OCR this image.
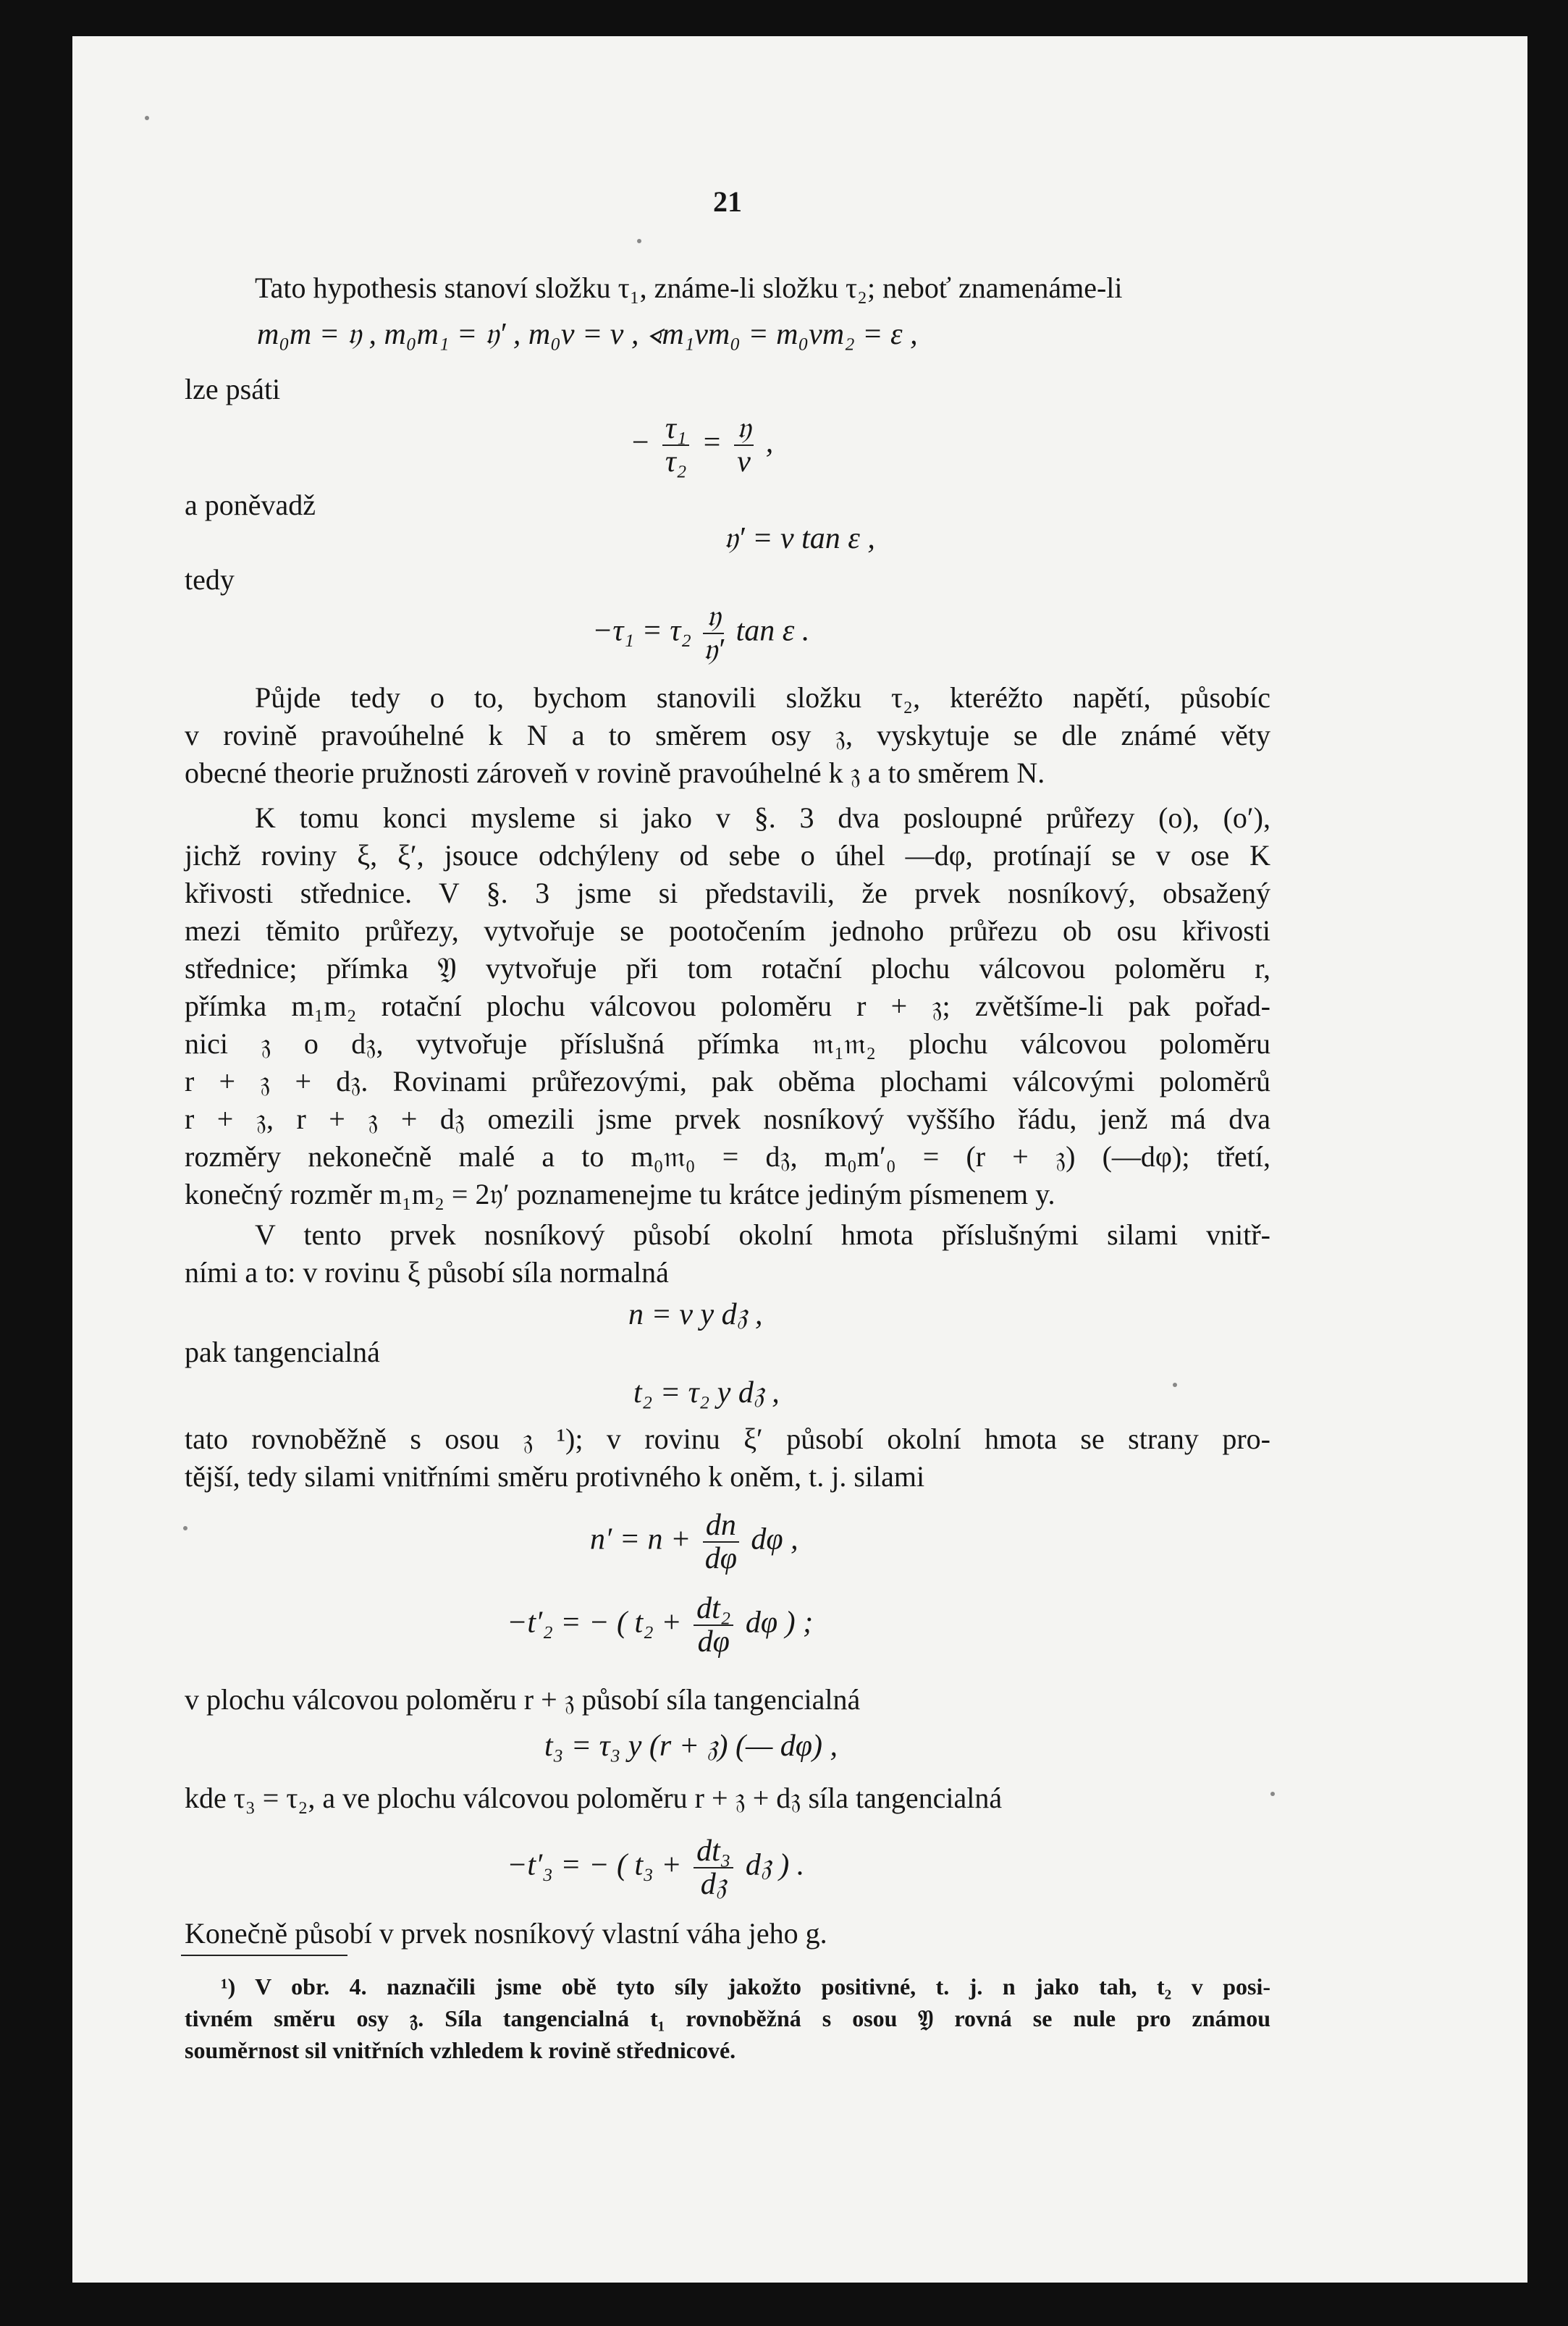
21
Tato hypothesis stanoví složku τ₁, známe-li složku τ₂; neboť znamenáme-li
m₀m = 𝔶 , m₀m₁ = 𝔶′ , m₀v = v , ∢m₁vm₀ = m₀vm₂ = ε ,
lze psáti
− $\frac{\text{τ₁}}{\text{τ₂}} = \frac{\text{𝔶}}{v}$ ,
a poněvadž
𝔶′ = v tan ε ,
tedy
$-\tau_1 = \tau_2 \frac{\text{𝔶}}{\text{𝔶′}}$ tan ε .
Půjde tedy o to, bychom stanovili složku τ₂, kteréžto napětí, působíc
v rovině pravoúhelné k N a to směrem osy 𝔷, vyskytuje se dle známé věty
obecné theorie pružnosti zároveň v rovině pravoúhelné k 𝔷 a to směrem N.
K tomu konci mysleme si jako v §. 3 dva posloupné průřezy (o), (o′),
jichž roviny ξ, ξ′, jsouce odchýleny od sebe o úhel —dφ, protínají se v ose K
křivosti střednice. V §. 3 jsme si představili, že prvek nosníkový, obsažený
mezi těmito průřezy, vytvořuje se pootočením jednoho průřezu ob osu křivosti
střednice; přímka 𝔜 vytvořuje při tom rotační plochu válcovou poloměru r,
přímka m₁m₂ rotační plochu válcovou poloměru r + 𝔷; zvětšíme-li pak pořad-
nici 𝔷 o d𝔷, vytvořuje příslušná přímka 𝔪₁𝔪₂ plochu válcovou poloměru
r + 𝔷 + d𝔷. Rovinami průřezovými, pak oběma plochami válcovými poloměrů
r + 𝔷, r + 𝔷 + d𝔷 omezili jsme prvek nosníkový vyššího řádu, jenž má dva
rozměry nekonečně malé a to m₀𝔪₀ = d𝔷, m₀m′₀ = (r + 𝔷) (—dφ); třetí,
konečný rozměr m₁m₂ = 2𝔶′ poznamenejme tu krátce jediným písmenem y.
V tento prvek nosníkový působí okolní hmota příslušnými silami vnitř-
ními a to: v rovinu ξ působí síla normalná
n = ν y d𝔷 ,
pak tangencialná
t₂ = τ₂ y d𝔷 ,
tato rovnoběžně s osou 𝔷 ¹); v rovinu ξ′ působí okolní hmota se strany pro-
tější, tedy silami vnitřními směru protivného k oněm, t. j. silami
$n' = n + \frac{dn}{d\varphi}$ dφ ,
−t′₂ = − ( $t_2 + \frac{\text{dt₂}}{d\varphi}$ dφ ) ;
v plochu válcovou poloměru r + 𝔷 působí síla tangencialná
t₃ = τ₃ y (r + 𝔷) (— dφ) ,
kde τ₃ = τ₂, a ve plochu válcovou poloměru r + 𝔷 + d𝔷 síla tangencialná
−t′₃ = − ( $t_3 + \frac{\text{dt₃}}{\text{d𝔷}}$ d𝔷 ) .
Konečně působí v prvek nosníkový vlastní váha jeho g.
¹) V obr. 4. naznačili jsme obě tyto síly jakožto positivné, t. j. n jako tah, t₂ v posi-
tivném směru osy 𝔷. Síla tangencialná t₁ rovnoběžná s osou 𝔜 rovná se nule pro známou
souměrnost sil vnitřních vzhledem k rovině střednicové.
